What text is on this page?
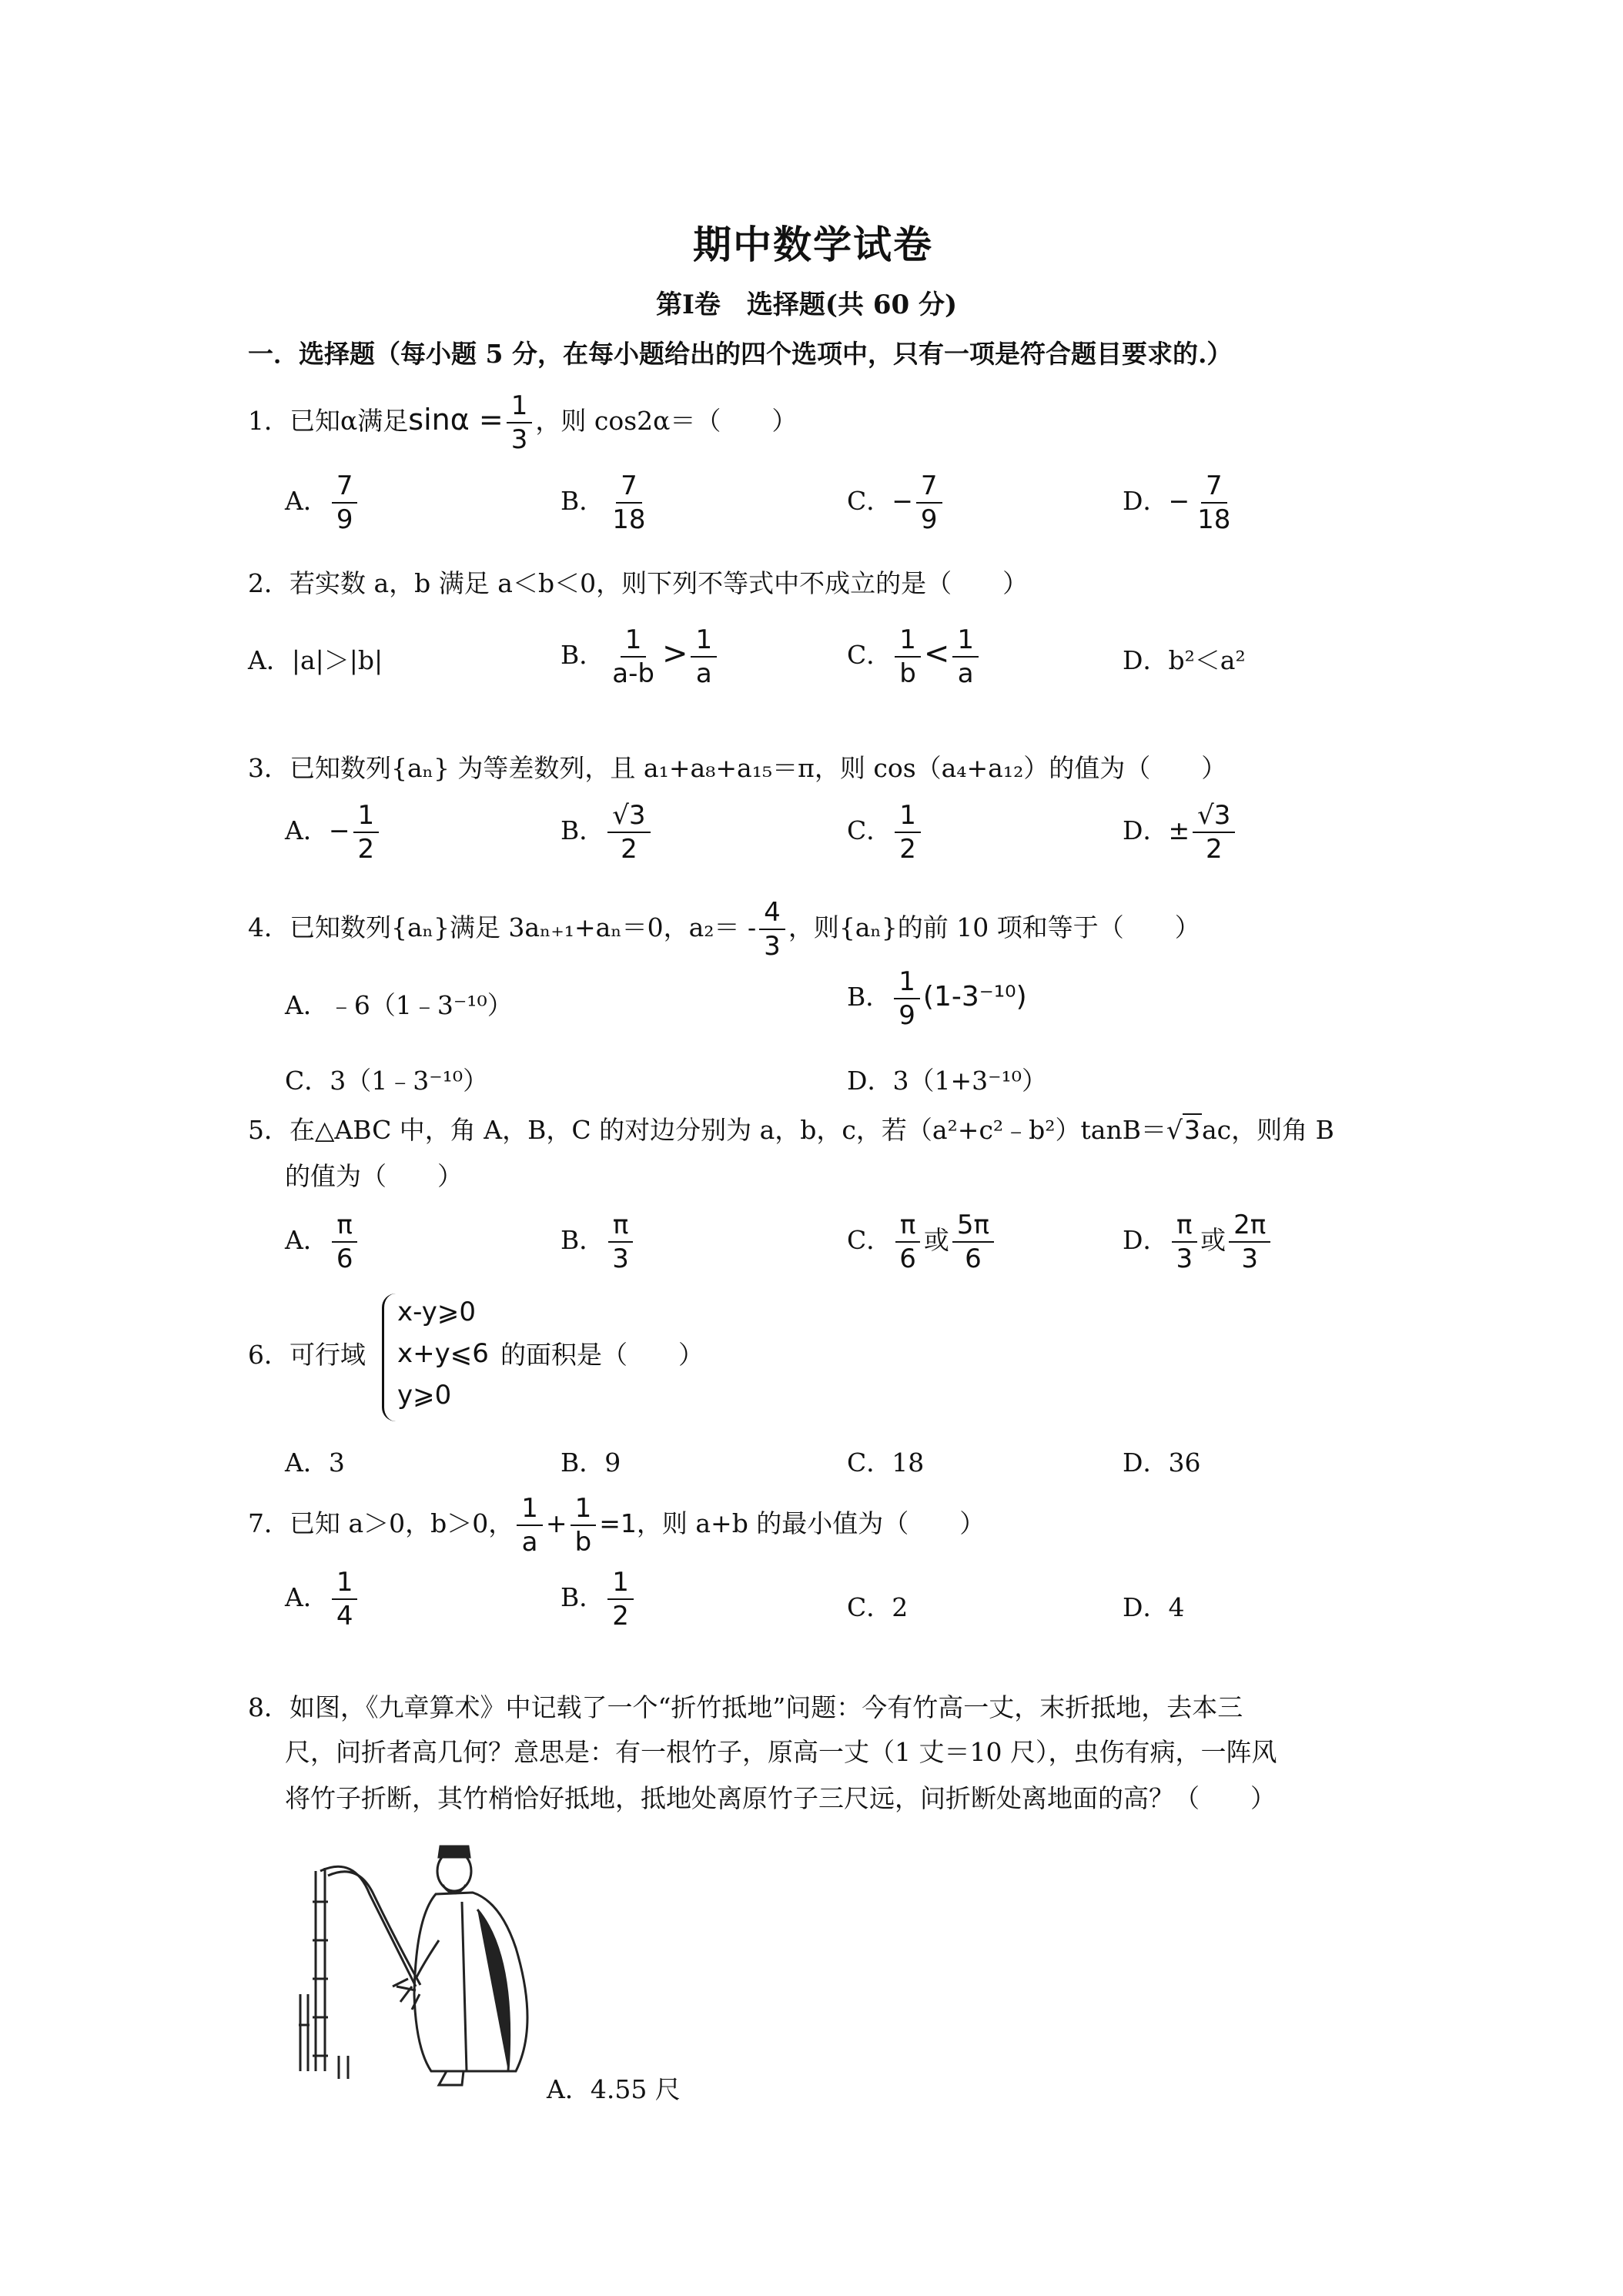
期中数学试卷
第Ⅰ卷　选择题(共 60 分)
一．选择题（每小题 5 分，在每小题给出的四个选项中，只有一项是符合题目要求的.）
1．已知α满足$\sin\alpha = \frac{1}{3}$ ，则 cos2α＝（　　）
A． $\frac{7}{9}$	B． $\frac{7}{18}$	C．− $\frac{7}{9}$	D．− $\frac{7}{18}$
2．若实数 a，b 满足 a＜b＜0，则下列不等式中不成立的是（　　）
A．|a|＞|b|	B． $\frac{1}{a-b} > \frac{1}{a}$	C． $\frac{1}{b} < \frac{1}{a}$	D．b²＜a²
3．已知数列{aₙ} 为等差数列，且 a₁+a₈+a₁₅＝π，则 cos（a₄+a₁₂）的值为（　　）
A．− $\frac{1}{2}$	B． $\frac{√3}{2}$	C． $\frac{1}{2}$	D．± $\frac{√3}{2}$
4．已知数列{aₙ}满足 3aₙ₊₁+aₙ＝0，$a_2= - \frac{4}{3}$ ，则{aₙ}的前 10 项和等于（　　）
A．﹣6（1﹣3⁻¹⁰）	B． $\frac{1}{9} (1-3^{-10})$
C．3（1﹣3⁻¹⁰）	D．3（1+3⁻¹⁰）
5．在△ABC 中，角 A，B，C 的对边分别为 a，b，c，若（a²+c²﹣b²）tanB＝√3ac，则角 B
的值为（　　）
A． $\frac{\pi}{6}$	B． $\frac{\pi}{3}$	C． $\frac{\pi}{6}$ 或 $\frac{5\pi}{6}$	D． $\frac{\pi}{3}$ 或 $\frac{2\pi}{3}$
6．可行域
x-y⩾0
x+y⩽6
y⩾0
的面积是（　　）
A．3	B．9	C．18	D．36
7．已知 a＞0，b＞0， $\frac{1}{a} + \frac{1}{b} =1$，则 a+b 的最小值为（　　）
A． $\frac{1}{4}$	B． $\frac{1}{2}$	C．2	D．4
8．如图，《九章算术》中记载了一个“折竹抵地”问题：今有竹高一丈，末折抵地，去本三
尺，问折者高几何？意思是：有一根竹子，原高一丈（1 丈＝10 尺），虫伤有病，一阵风
将竹子折断，其竹梢恰好抵地，抵地处离原竹子三尺远，问折断处离地面的高？（　　）
A．4.55 尺
